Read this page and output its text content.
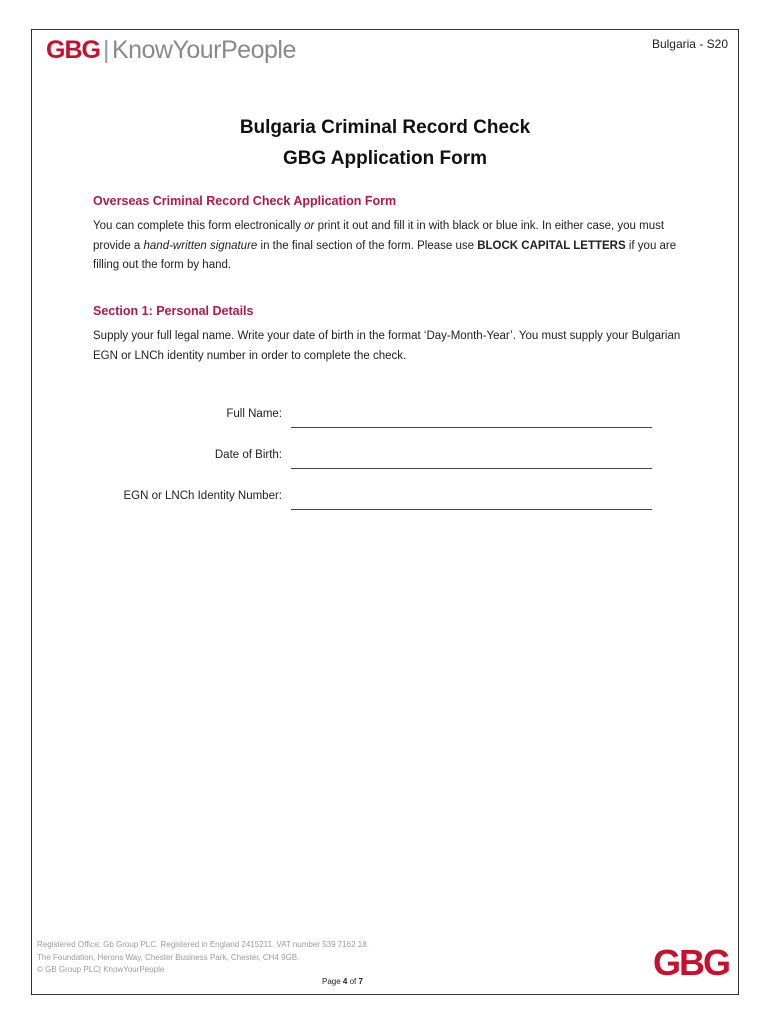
GBG | KnowYourPeople	Bulgaria - S20
Bulgaria Criminal Record Check
GBG Application Form
Overseas Criminal Record Check Application Form
You can complete this form electronically or print it out and fill it in with black or blue ink. In either case, you must provide a hand-written signature in the final section of the form. Please use BLOCK CAPITAL LETTERS if you are filling out the form by hand.
Section 1: Personal Details
Supply your full legal name. Write your date of birth in the format ‘Day-Month-Year’. You must supply your Bulgarian EGN or LNCh identity number in order to complete the check.
Full Name:
Date of Birth:
EGN or LNCh Identity Number:
Registered Office: Gb Group PLC. Registered in England 2415211. VAT number 539 7162 18.
The Foundation, Herons Way, Chester Business Park, Chester, CH4 9GB.
© GB Group PLC| KnowYourPeople
Page 4 of 7	GBG
